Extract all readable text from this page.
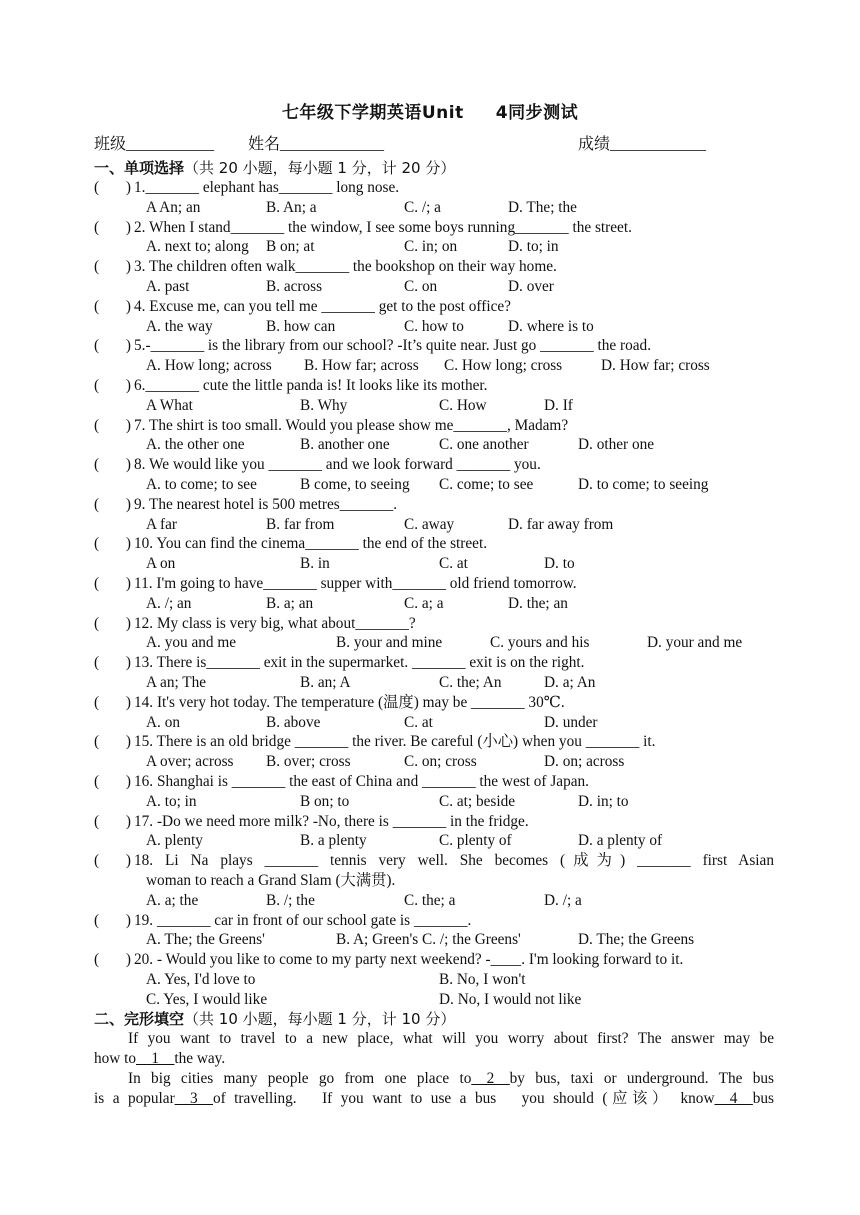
七年级下学期英语Unit     4同步测试
班级___________ 姓名_____________	成绩____________
一、单项选择（共 20 小题，每小题 1 分，计 20 分）
(       ) 1._______ elephant has_______ long nose.
A An; an	B. An; a	C. /; a	D. The; the
(       ) 2. When I stand_______ the window, I see some boys running_______ the street.
A. next to; along B on; at	C. in; on	D. to; in
(       ) 3. The children often walk_______ the bookshop on their way home.
A. past	B. across	C. on	D. over
(       ) 4. Excuse me, can you tell me _______ get to the post office?
A. the way	B. how can	C. how to	D. where is to
(       ) 5.-_______ is the library from our school? -It’s quite near. Just go _______ the road.
A. How long; across B. How far; across C. How long; cross	D. How far; cross
(       ) 6._______ cute the little panda is! It looks like its mother.
A What	B. Why	C. How	D. If
(       ) 7. The shirt is too small. Would you please show me_______, Madam?
A. the other one	B. another one	C. one another	D. other one
(       ) 8. We would like you _______ and we look forward _______ you.
A. to come; to see	B come, to seeing C. come; to see	D. to come; to seeing
(       ) 9. The nearest hotel is 500 metres_______.
A far	B. far from	C. away	D. far away from
(       ) 10. You can find the cinema_______ the end of the street.
A on	B. in	C. at	D. to
(       ) 11. I'm going to have_______ supper with_______ old friend tomorrow.
A. /; an	B. a; an	C. a; a	D. the; an
(       ) 12. My class is very big, what about_______?
A. you and me	B. your and mine	C. yours and his	D. your and me
(       ) 13. There is_______ exit in the supermarket. _______ exit is on the right.
A an; The	B. an; A	C. the; An	D. a; An
(       ) 14. It's very hot today. The temperature (温度) may be _______ 30℃.
A. on	B. above	C. at	D. under
(       ) 15. There is an old bridge _______ the river. Be careful (小心) when you _______ it.
A over; across B. over; cross	C. on; cross	D. on; across
(       ) 16. Shanghai is _______ the east of China and _______ the west of Japan.
A. to; in	B on; to	C. at; beside	D. in; to
(       ) 17. -Do we need more milk? -No, there is _______ in the fridge.
A. plenty	B. a plenty	C. plenty of	D. a plenty of
(       ) 18. Li Na plays _______ tennis very well. She becomes (成为) _______ first Asian
woman to reach a Grand Slam (大满贯).
A. a; the	B. /; the	C. the; a	D. /; a
(       ) 19. _______ car in front of our school gate is _______.
A. The; the Greens'	B. A; Green's C. /; the Greens'	D. The; the Greens
(       ) 20. - Would you like to come to my party next weekend? -____. I'm looking forward to it.
A. Yes, I'd love to	B. No, I won't
C. Yes, I would like	D. No, I would not like
二、完形填空（共 10 小题，每小题 1 分，计 10 分）
If you want to travel to a new place, what will you worry about first? The answer may be
how to__1__the way.
In big cities many people go from one place to__2__by bus, taxi or underground. The bus
is a popular__3__of travelling.   If you want to use a bus   you should (应该） know__4__bus
